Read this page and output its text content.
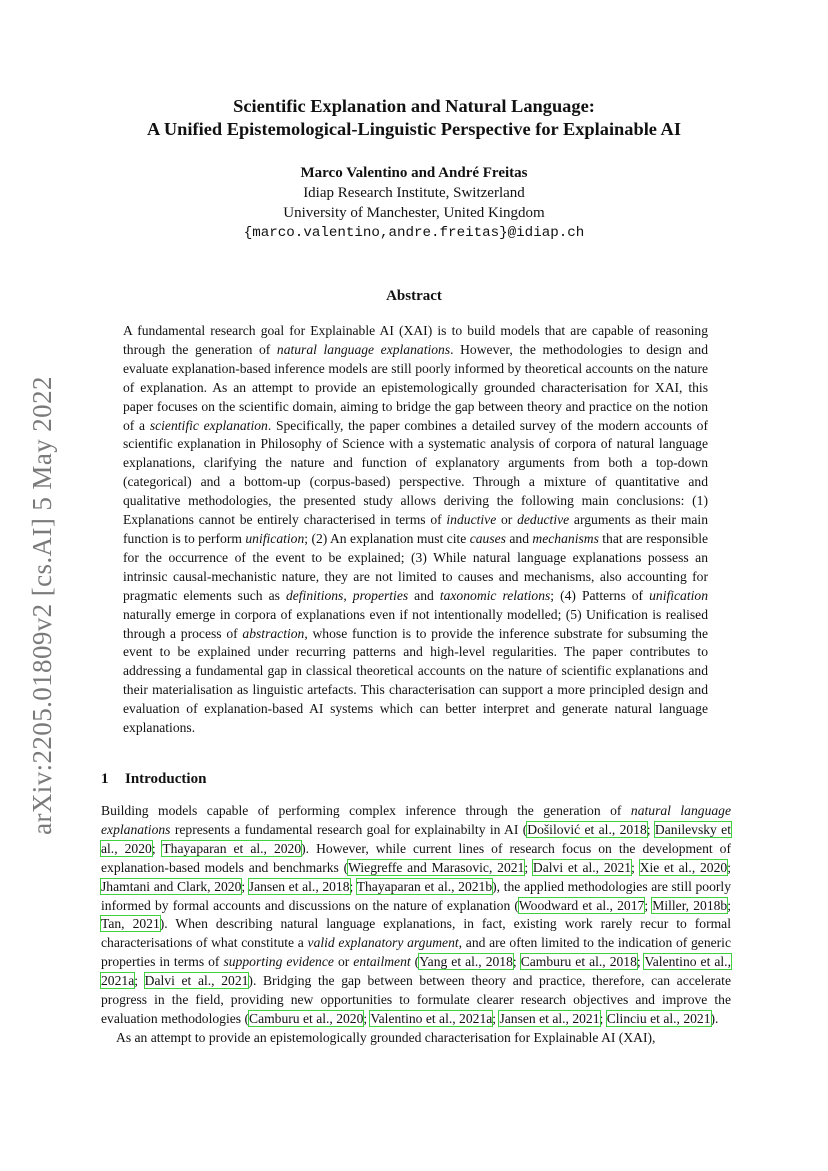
arXiv:2205.01809v2 [cs.AI] 5 May 2022
Scientific Explanation and Natural Language:
A Unified Epistemological-Linguistic Perspective for Explainable AI
Marco Valentino and André Freitas
Idiap Research Institute, Switzerland
University of Manchester, United Kingdom
{marco.valentino,andre.freitas}@idiap.ch
Abstract

A fundamental research goal for Explainable AI (XAI) is to build models that are capable of reasoning through the generation of natural language explanations. However, the methodologies to design and evaluate explanation-based inference models are still poorly informed by theoretical accounts on the nature of explanation. As an attempt to provide an epistemologically grounded characterisation for XAI, this paper focuses on the scientific domain, aiming to bridge the gap between theory and practice on the notion of a scientific explanation. Specifically, the paper combines a detailed survey of the modern accounts of scientific explanation in Philosophy of Science with a systematic analysis of corpora of natural language explanations, clarifying the nature and function of explanatory arguments from both a top-down (categorical) and a bottom-up (corpus-based) perspective. Through a mixture of quantitative and qualitative methodologies, the presented study allows deriving the following main conclusions: (1) Explanations cannot be entirely characterised in terms of inductive or deductive arguments as their main function is to perform unification; (2) An explanation must cite causes and mechanisms that are responsible for the occurrence of the event to be explained; (3) While natural language explanations possess an intrinsic causal-mechanistic nature, they are not limited to causes and mechanisms, also accounting for pragmatic elements such as definitions, properties and taxonomic relations; (4) Patterns of unification naturally emerge in corpora of explanations even if not intentionally modelled; (5) Unification is realised through a process of abstraction, whose function is to provide the inference substrate for subsuming the event to be explained under recurring patterns and high-level regularities. The paper contributes to addressing a fundamental gap in classical theoretical accounts on the nature of scientific explanations and their materialisation as linguistic artefacts. This characterisation can support a more principled design and evaluation of explanation-based AI systems which can better interpret and generate natural language explanations.

1 Introduction

Building models capable of performing complex inference through the generation of natural language explanations represents a fundamental research goal for explainabilty in AI (Došilović et al., 2018; Danilevsky et al., 2020; Thayaparan et al., 2020). However, while current lines of research focus on the development of explanation-based models and benchmarks (Wiegreffe and Marasovic, 2021; Dalvi et al., 2021; Xie et al., 2020; Jhamtani and Clark, 2020; Jansen et al., 2018; Thayaparan et al., 2021b), the applied methodologies are still poorly informed by formal accounts and discussions on the nature of explanation (Woodward et al., 2017; Miller, 2018b; Tan, 2021). When describing natural language explanations, in fact, existing work rarely recur to formal characterisations of what constitute a valid explanatory argument, and are often limited to the indication of generic properties in terms of supporting evidence or entailment (Yang et al., 2018; Camburu et al., 2018; Valentino et al., 2021a; Dalvi et al., 2021). Bridging the gap between between theory and practice, therefore, can accelerate progress in the field, providing new opportunities to formulate clearer research objectives and improve the evaluation methodologies (Camburu et al., 2020; Valentino et al., 2021a; Jansen et al., 2021; Clinciu et al., 2021).

As an attempt to provide an epistemologically grounded characterisation for Explainable AI (XAI),
